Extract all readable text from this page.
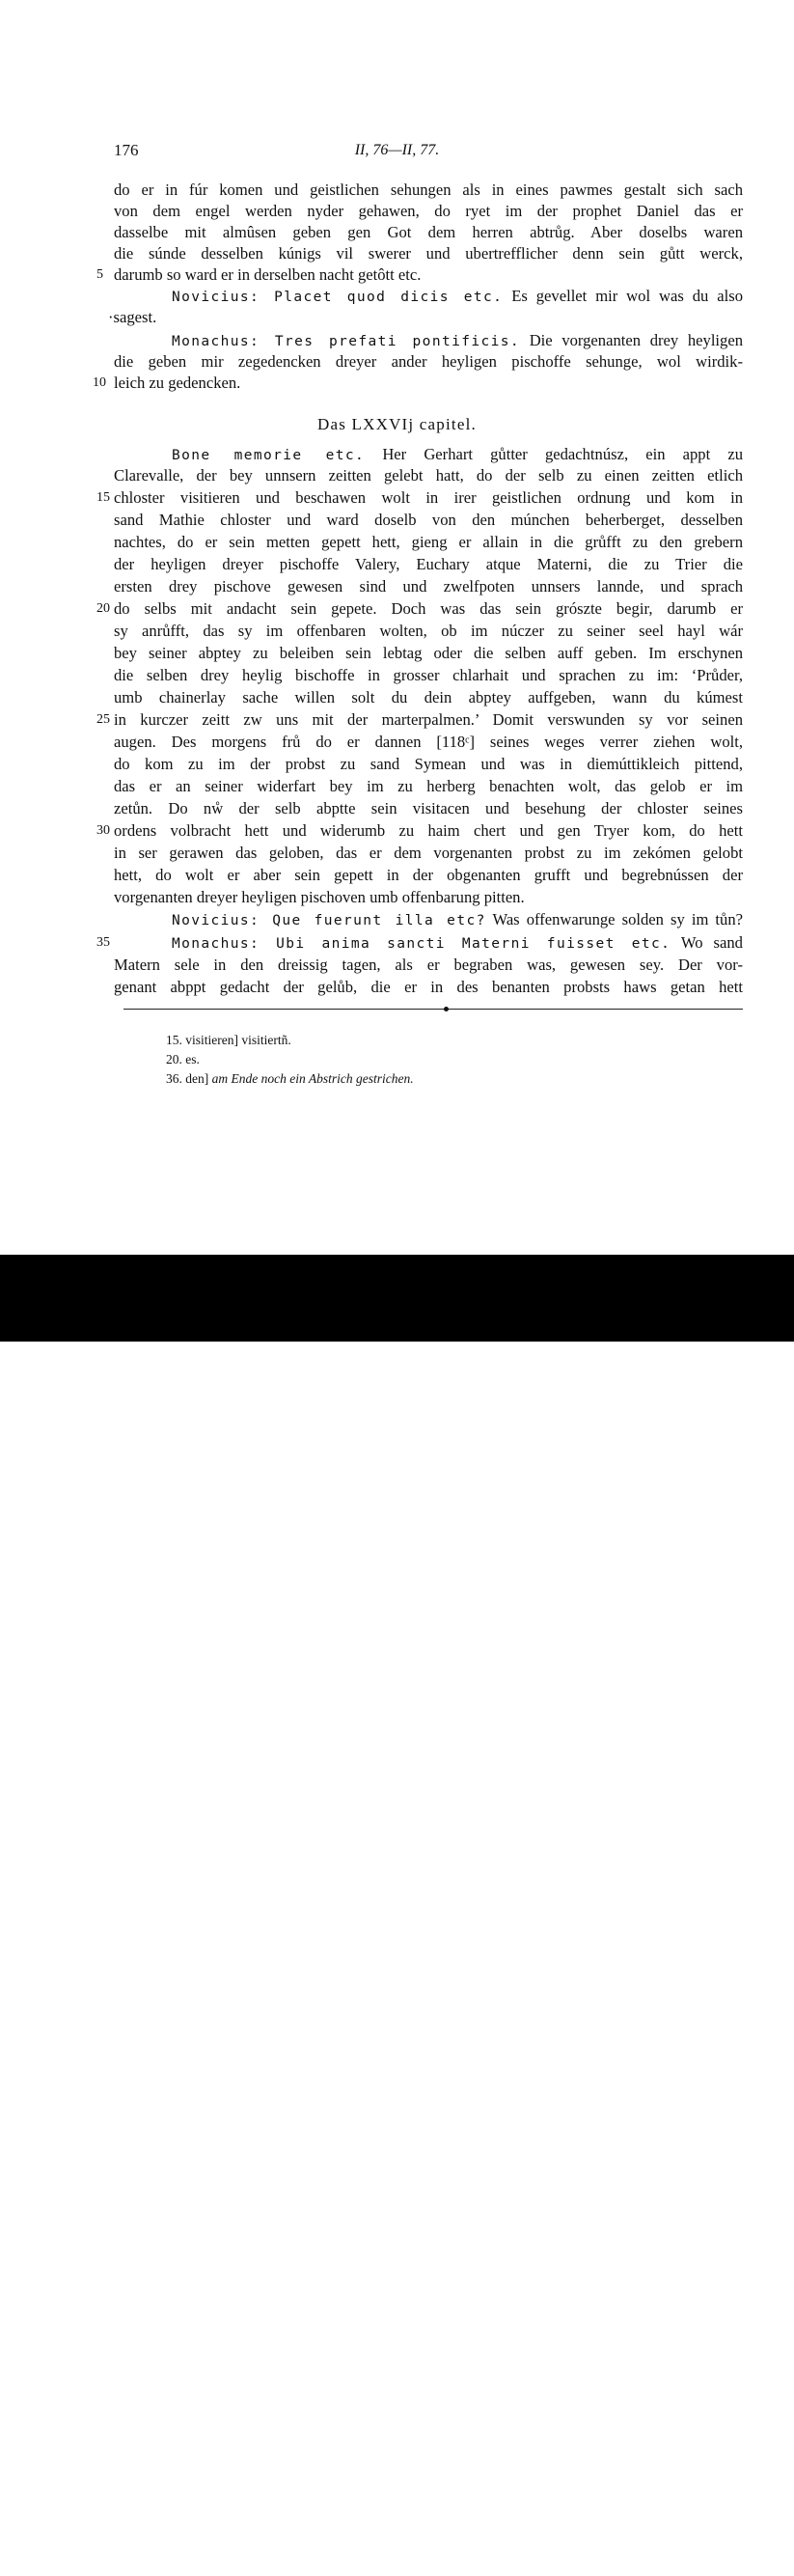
176	II, 76—II, 77.
do er in fúr komen und geistlichen sehungen als in eines pawmes gestalt sich sach
von dem engel werden nyder gehawen, do ryet im der prophet Daniel das er
dasselbe mit almûsen geben gen Got dem herren abtrůg. Aber doselbs waren
die súnde desselben kúnigs vil swerer und ubertrefflicher denn sein gůtt werck,
5 darumb so ward er in derselben nacht getôtt etc.
Novicius: Placet quod dicis etc. Es gevellet mir wol was du also
·sagest.
Monachus: Tres prefati pontificis. Die vorgenanten drey heyligen
die geben mir zegedencken dreyer ander heyligen pischoffe sehunge, wol wirdik-
10 leich zu gedencken.
Das LXXVIj capitel.
Bone memorie etc. Her Gerhart gůtter gedachtnúsz, ein appt zu
Clarevalle, der bey unnsern zeitten gelebt hatt, do der selb zu einen zeitten etlich
15 chloster visitieren und beschawen wolt in irer geistlichen ordnung und kom in
sand Mathie chloster und ward doselb von den múnchen beherberget, desselben
nachtes, do er sein metten gepett hett, gieng er allain in die grůfft zu den grebern
der heyligen dreyer pischoffe Valery, Euchary atque Materni, die zu Trier die
ersten drey pischove gewesen sind und zwelfpoten unnsers lannde, und sprach
20 do selbs mit andacht sein gepete. Doch was das sein grószte begir, darumb er
sy anrůfft, das sy im offenbaren wolten, ob im núczer zu seiner seel hayl wár
bey seiner abptey zu beleiben sein lebtag oder die selben auff geben. Im erschynen
die selben drey heylig bischoffe in grosser chlarhait und sprachen zu im: ‘Průder,
umb chainerlay sache willen solt du dein abptey auffgeben, wann du kúmest
25 in kurczer zeitt zw uns mit der marterpalmen.’ Domit verswunden sy vor seinen
augen. Des morgens frů do er dannen [118ᶜ] seines weges verrer ziehen wolt,
do kom zu im der probst zu sand Symean und was in diemúttikleich pittend,
das er an seiner widerfart bey im zu herberg benachten wolt, das gelob er im
zetůn. Do nẘ der selb abptte sein visitacen und besehung der chloster seines
30 ordens volbracht hett und widerumb zu haim chert und gen Tryer kom, do hett
in ser gerawen das geloben, das er dem vorgenanten probst zu im zekómen gelobt
hett, do wolt er aber sein gepett in der obgenanten grufft und begrebnússen der
vorgenanten dreyer heyligen pischoven umb offenbarung pitten.
Novicius: Que fuerunt illa etc? Was offenwarunge solden sy im tůn?
35	Monachus: Ubi anima sancti Materni fuisset etc. Wo sand
Matern sele in den dreissig tagen, als er begraben was, gewesen sey. Der vor-
genant abppt gedacht der gelůb, die er in des benanten probsts haws getan hett
15. visitieren] visitiertñ.
20. es.
36. den] am Ende noch ein Abstrich gestrichen.
alamy	Image ID: P7WPJW
www.alamy.com
